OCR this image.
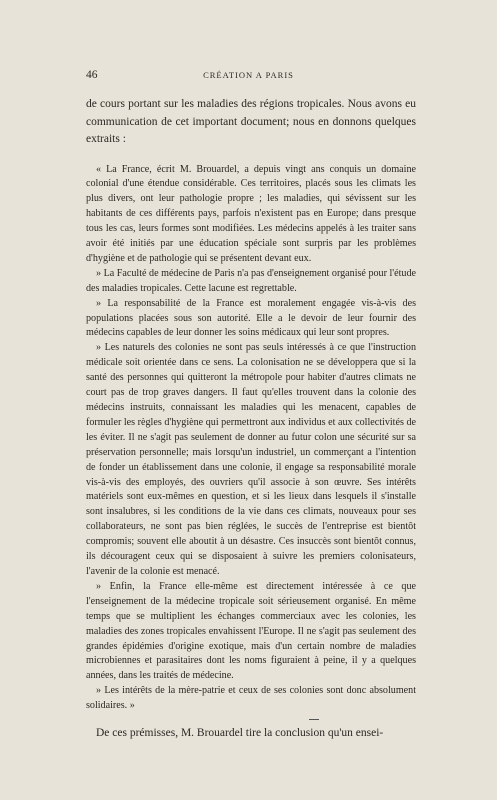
46	CRÉATION A PARIS

de cours portant sur les maladies des régions tropicales. Nous avons eu communication de cet important document; nous en donnons quelques extraits :

« La France, écrit M. Brouardel, a depuis vingt ans conquis un domaine colonial d'une étendue considérable. Ces territoires, placés sous les climats les plus divers, ont leur pathologie propre ; les maladies, qui sévissent sur les habitants de ces différents pays, parfois n'existent pas en Europe; dans presque tous les cas, leurs formes sont modifiées. Les médecins appelés à les traiter sans avoir été initiés par une éducation spéciale sont surpris par les problèmes d'hygiène et de pathologie qui se présentent devant eux.

» La Faculté de médecine de Paris n'a pas d'enseignement organisé pour l'étude des maladies tropicales. Cette lacune est regrettable.

» La responsabilité de la France est moralement engagée vis-à-vis des populations placées sous son autorité. Elle a le devoir de leur fournir des médecins capables de leur donner les soins médicaux qui leur sont propres.

» Les naturels des colonies ne sont pas seuls intéressés à ce que l'instruction médicale soit orientée dans ce sens. La colonisation ne se développera que si la santé des personnes qui quitteront la métropole pour habiter d'autres climats ne court pas de trop graves dangers. Il faut qu'elles trouvent dans la colonie des médecins instruits, connaissant les maladies qui les menacent, capables de formuler les règles d'hygiène qui permettront aux individus et aux collectivités de les éviter. Il ne s'agit pas seulement de donner au futur colon une sécurité sur sa préservation personnelle; mais lorsqu'un industriel, un commerçant a l'intention de fonder un établissement dans une colonie, il engage sa responsabilité morale vis-à-vis des employés, des ouvriers qu'il associe à son œuvre. Ses intérêts matériels sont eux-mêmes en question, et si les lieux dans lesquels il s'installe sont insalubres, si les conditions de la vie dans ces climats, nouveaux pour ses collaborateurs, ne sont pas bien réglées, le succès de l'entreprise est bientôt compromis; souvent elle aboutit à un désastre. Ces insuccès sont bientôt connus, ils découragent ceux qui se disposaient à suivre les premiers colonisateurs, l'avenir de la colonie est menacé.

» Enfin, la France elle-même est directement intéressée à ce que l'enseignement de la médecine tropicale soit sérieusement organisé. En même temps que se multiplient les échanges commerciaux avec les colonies, les maladies des zones tropicales envahissent l'Europe. Il ne s'agit pas seulement des grandes épidémies d'origine exotique, mais d'un certain nombre de maladies microbiennes et parasitaires dont les noms figuraient à peine, il y a quelques années, dans les traités de médecine.

» Les intérêts de la mère-patrie et ceux de ses colonies sont donc absolument solidaires. »

De ces prémisses, M. Brouardel tire la conclusion qu'un ensei-
